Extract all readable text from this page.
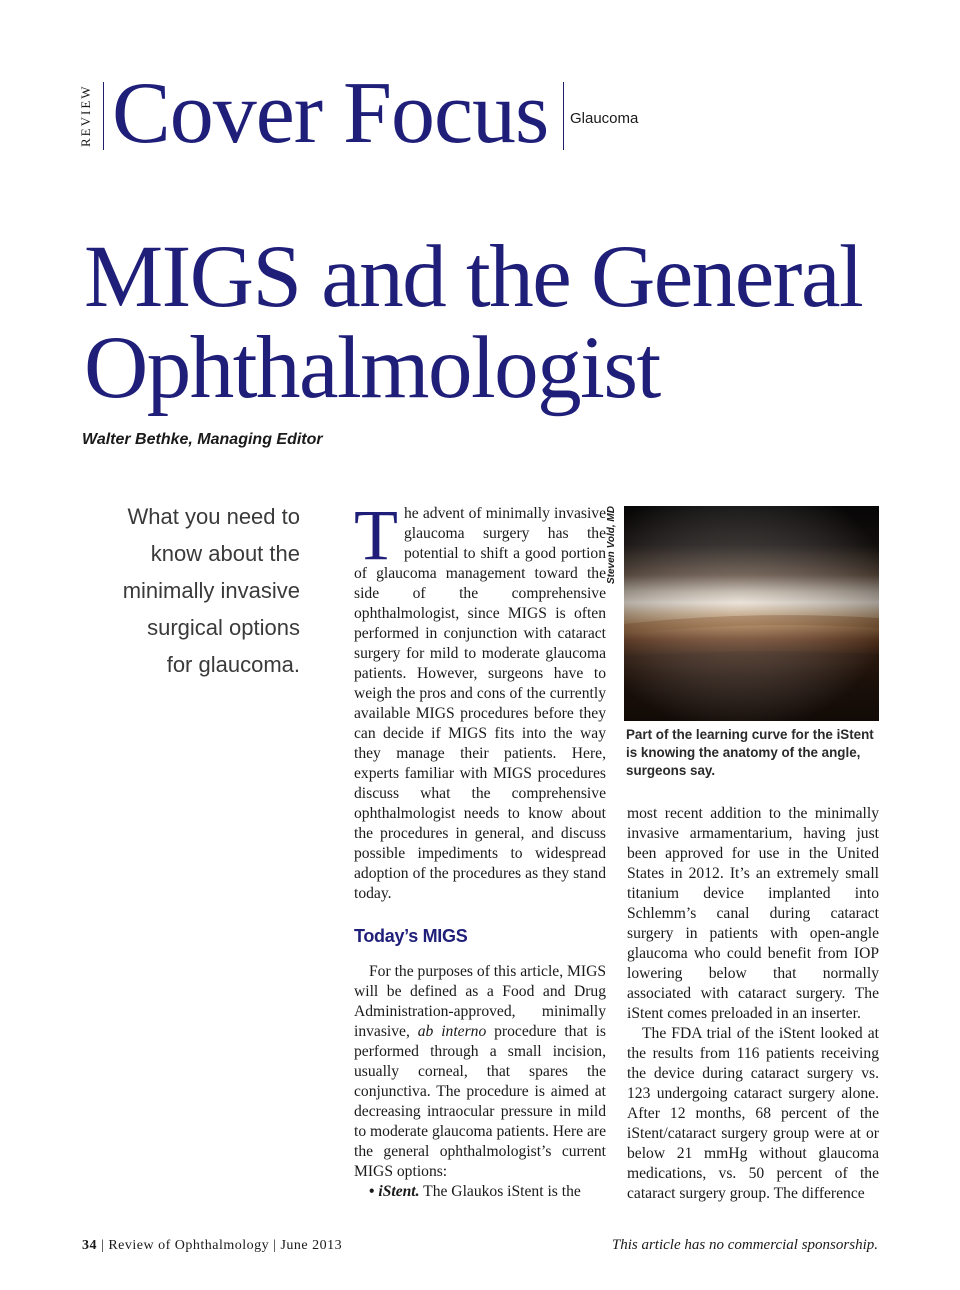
REVIEW Cover Focus Glaucoma
MIGS and the General
Ophthalmologist
Walter Bethke, Managing Editor
What you need to
know about the
minimally invasive
surgical options
for glaucoma.

The advent of minimally invasive glaucoma surgery has the potential to shift a good portion of glaucoma management toward the side of the comprehensive ophthalmologist, since MIGS is often performed in conjunction with cataract surgery for mild to moderate glaucoma patients. However, surgeons have to weigh the pros and cons of the currently available MIGS procedures before they can decide if MIGS fits into the way they manage their patients. Here, experts familiar with MIGS procedures discuss what the comprehensive ophthalmologist needs to know about the procedures in general, and discuss possible impediments to widespread adoption of the procedures as they stand today.

Today’s MIGS

For the purposes of this article, MIGS will be defined as a Food and Drug Administration-approved, minimally invasive, ab interno procedure that is performed through a small incision, usually corneal, that spares the conjunctiva. The procedure is aimed at decreasing intraocular pressure in mild to moderate glaucoma patients. Here are the general ophthalmologist’s current MIGS options:

• iStent. The Glaukos iStent is the

Steven Vold, MD
Part of the learning curve for the iStent is knowing the anatomy of the angle, surgeons say.

most recent addition to the minimally invasive armamentarium, having just been approved for use in the United States in 2012. It’s an extremely small titanium device implanted into Schlemm’s canal during cataract surgery in patients with open-angle glaucoma who could benefit from IOP lowering below that normally associated with cataract surgery. The iStent comes preloaded in an inserter.

The FDA trial of the iStent looked at the results from 116 patients receiving the device during cataract surgery vs. 123 undergoing cataract surgery alone. After 12 months, 68 percent of the iStent/cataract surgery group were at or below 21 mmHg without glaucoma medications, vs. 50 percent of the cataract surgery group. The difference

34 | Review of Ophthalmology | June 2013	This article has no commercial sponsorship.
